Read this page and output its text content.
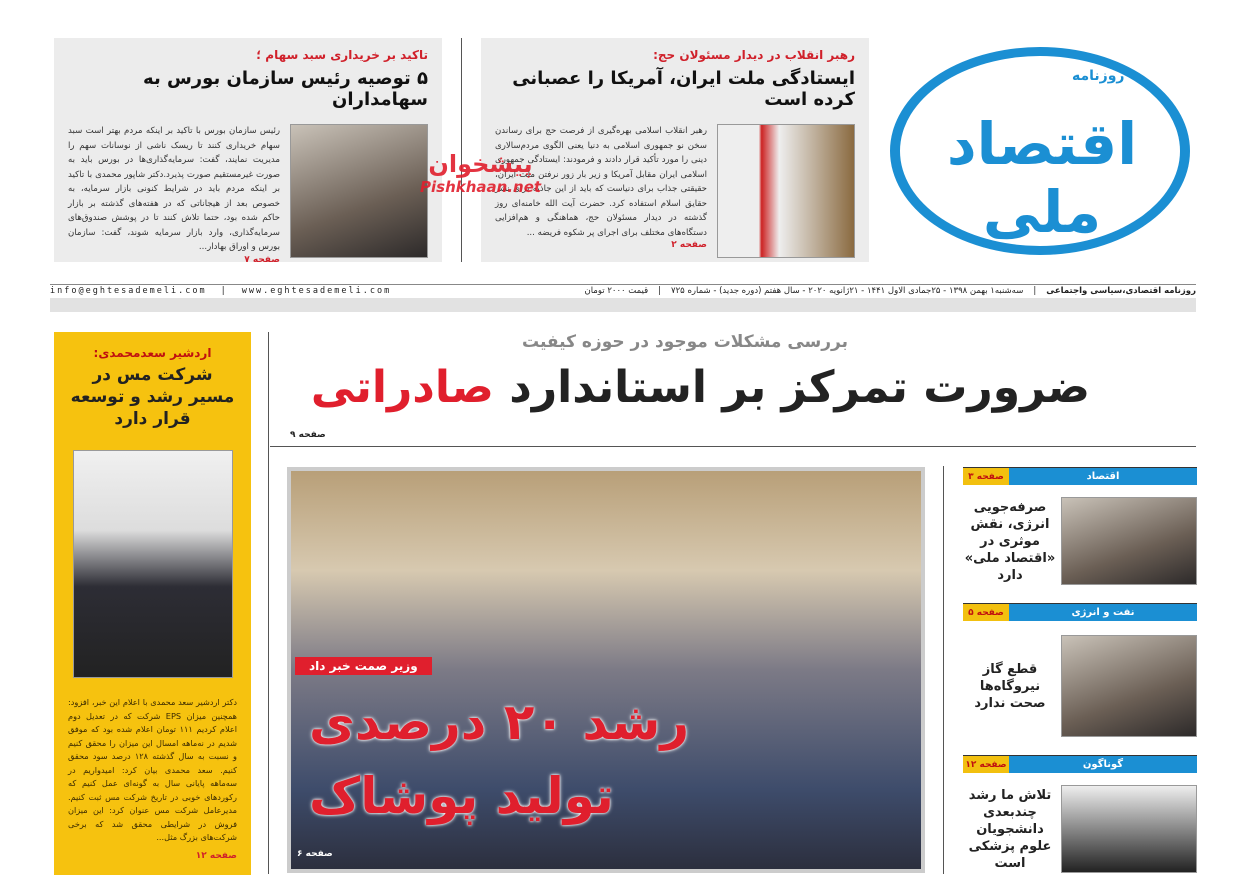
تاکید بر خریداری سبد سهام ؛
۵ توصیه رئیس سازمان بورس به سهامداران
رئیس سازمان بورس با تاکید بر اینکه مردم بهتر است سبد سهام خریداری کنند تا ریسک ناشی از نوسانات سهم را مدیریت نمایند، گفت: سرمایه‌گذاری‌ها در بورس باید به صورت غیرمستقیم صورت پذیرد.دکتر شاپور محمدی با تاکید بر اینکه مردم باید در شرایط کنونی بازار سرمایه، به خصوص بعد از هیجاناتی که در هفته‌های گذشته بر بازار حاکم شده بود، حتما تلاش کنند تا در پوشش صندوق‌های سرمایه‌گذاری، وارد بازار سرمایه شوند، گفت: سازمان بورس و اوراق بهادار...
صفحه ۷
رهبر انقلاب در دیدار مسئولان حج:
ایستادگی ملت ایران، آمریکا را عصبانی کرده است
رهبر انقلاب اسلامی بهره‌گیری از فرصت حج برای رساندن سخن نو جمهوری اسلامی به دنیا یعنی الگوی مردم‌سالاری دینی را مورد تأکید قرار دادند و فرمودند: ایستادگی جمهوری اسلامی ایران مقابل آمریکا و زیر بار زور نرفتن ملت ایران، حقیقتی جذاب برای دنیاست که باید از این جاذبه برای نشر حقایق اسلام استفاده کرد. حضرت آیت الله خامنه‌ای روز گذشته در دیدار مسئولان حج، هماهنگی و هم‌افزایی دستگاه‌های مختلف برای اجرای پر شکوه فریضه ...
صفحه ۲
پیشخوان
Pishkhaan.net
روزنامه
اقتصاد ملی
روزنامه اقتصادی،سیاسی واجتماعی
|
سه‌شنبه۱ بهمن ۱۳۹۸ - ۲۵جمادی الاول ۱۴۴۱ - ۲۱ژانویه ۲۰۲۰ - سال هفتم (دوره جدید) - شماره ۷۲۵
|
قیمت ۲۰۰۰ تومان
info@eghtesademeli.com | www.eghtesademeli.com
بررسی مشکلات موجود در حوزه کیفیت
ضرورت تمرکز بر استاندارد صادراتی
صفحه ۹
وزیر صمت خبر داد
رشد ۲۰ درصدی
تولید پوشاک
صفحه ۶
اردشیر سعدمحمدی:
شرکت مس در مسیر رشد و توسعه قرار دارد
دکتر اردشیر سعد محمدی با اعلام این خبر، افزود: همچنین میزان EPS شرکت که در تعدیل دوم اعلام کردیم ۱۱۱ تومان اعلام شده بود که موفق شدیم در نه‌ماهه امسال این میزان را محقق کنیم و نسبت به سال گذشته ۱۲۸ درصد سود محقق کنیم. سعد محمدی بیان کرد: امیدواریم در سه‌ماهه پایانی سال به گونه‌ای عمل کنیم که رکوردهای خوبی در تاریخ شرکت مس ثبت کنیم. مدیرعامل شرکت مس عنوان کرد: این میزان فروش در شرایطی محقق شد که برخی شرکت‌های بزرگ مثل...
صفحه ۱۲
اقتصاد
صفحه ۳
صرفه‌جویی انرژی، نقش موثری در «اقتصاد ملی» دارد
نفت و انرژی
صفحه ۵
قطع گاز نیروگاه‌ها صحت ندارد
گوناگون
صفحه ۱۲
تلاش ما رشد چندبعدی دانشجویان علوم پزشکی است
